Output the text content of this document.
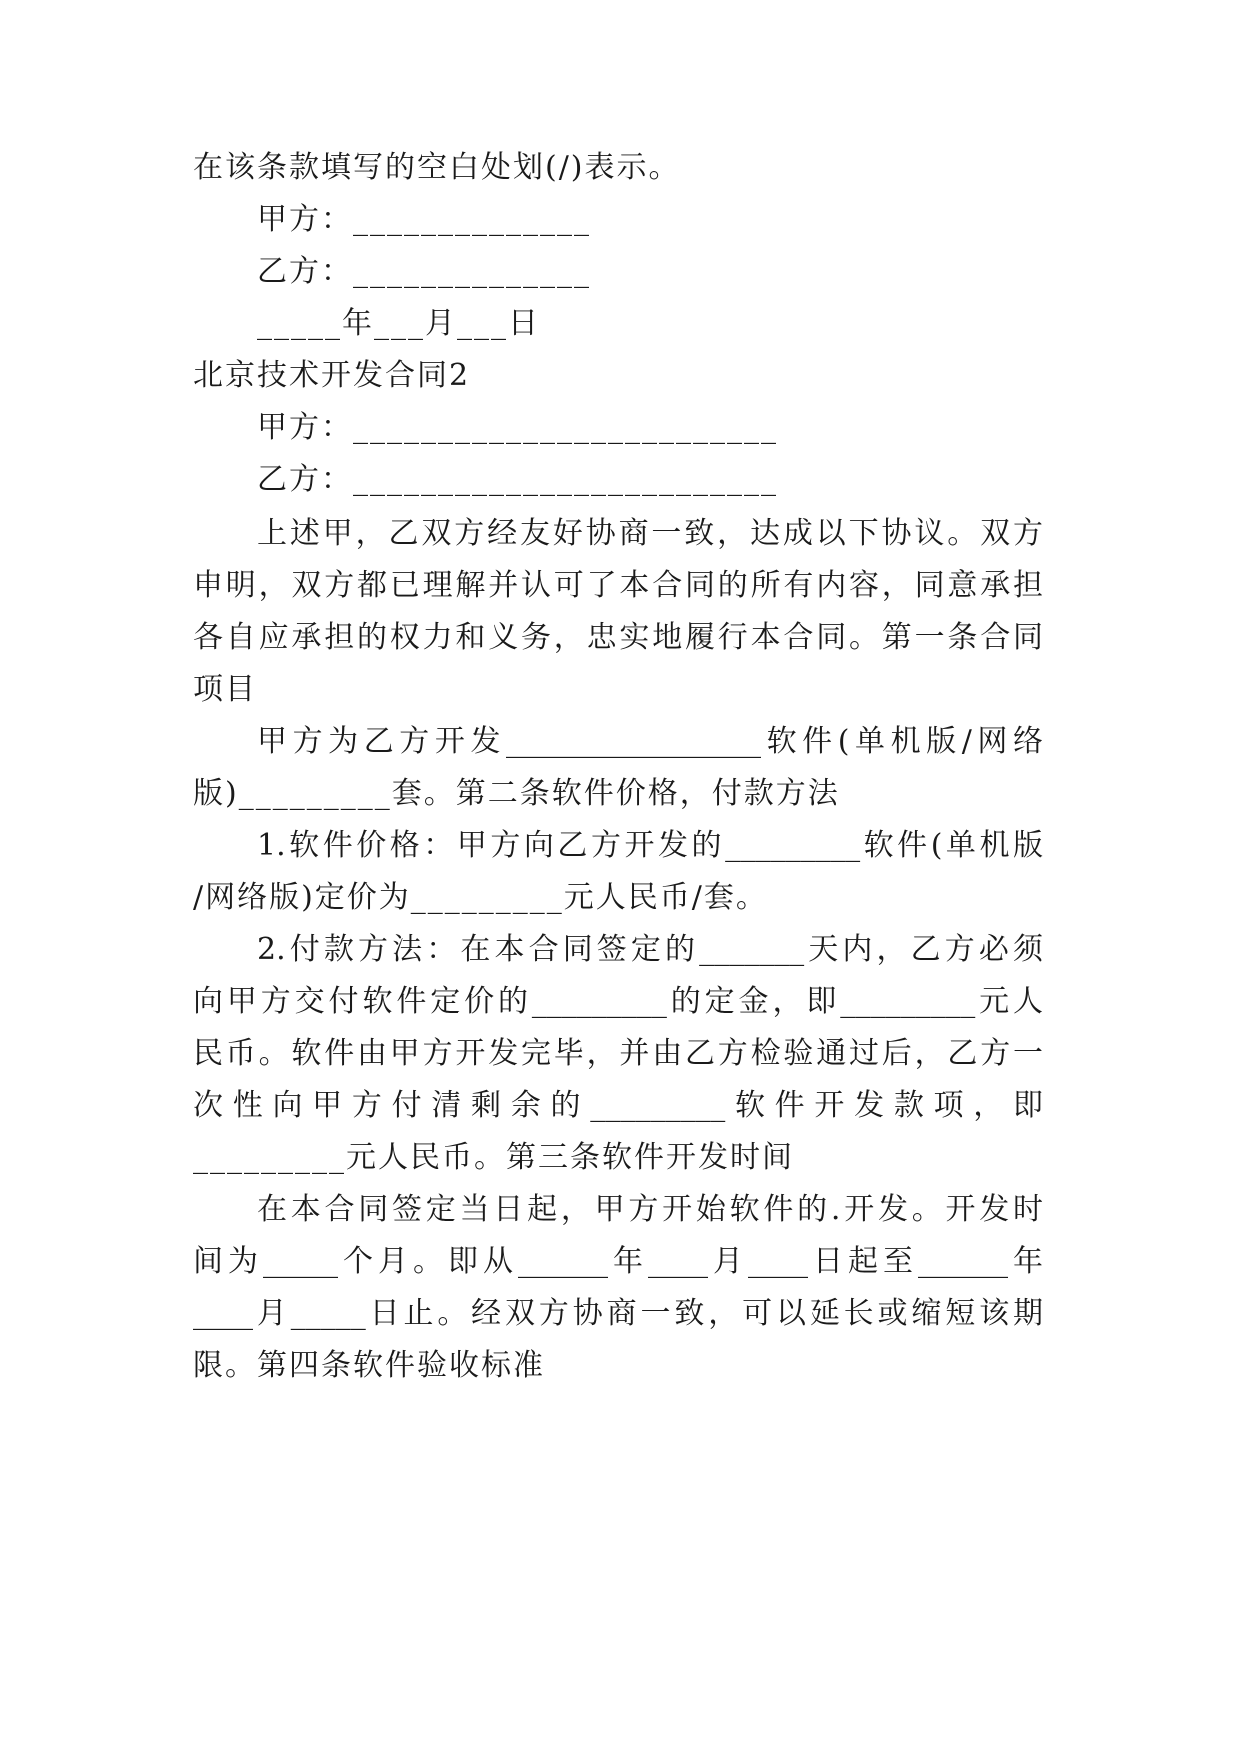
在该条款填写的空白处划(/)表示。
甲方：______________
乙方：______________
_____年___月___日
北京技术开发合同2
甲方：_________________________
乙方：_________________________
上述甲，乙双方经友好协商一致，达成以下协议。双方
申明，双方都已理解并认可了本合同的所有内容，同意承担
各自应承担的权力和义务，忠实地履行本合同。第一条合同
项目
甲方为乙方开发_________________软件(单机版/网络
版)_________套。第二条软件价格，付款方法
1.软件价格：甲方向乙方开发的_________软件(单机版
/网络版)定价为_________元人民币/套。
2.付款方法：在本合同签定的_______天内，乙方必须
向甲方交付软件定价的_________的定金，即_________元人
民币。软件由甲方开发完毕，并由乙方检验通过后，乙方一
次性向甲方付清剩余的_________软件开发款项，即
_________元人民币。第三条软件开发时间
在本合同签定当日起，甲方开始软件的.开发。开发时
间为_____个月。即从______年____月____日起至______年
____月_____日止。经双方协商一致，可以延长或缩短该期
限。第四条软件验收标准
